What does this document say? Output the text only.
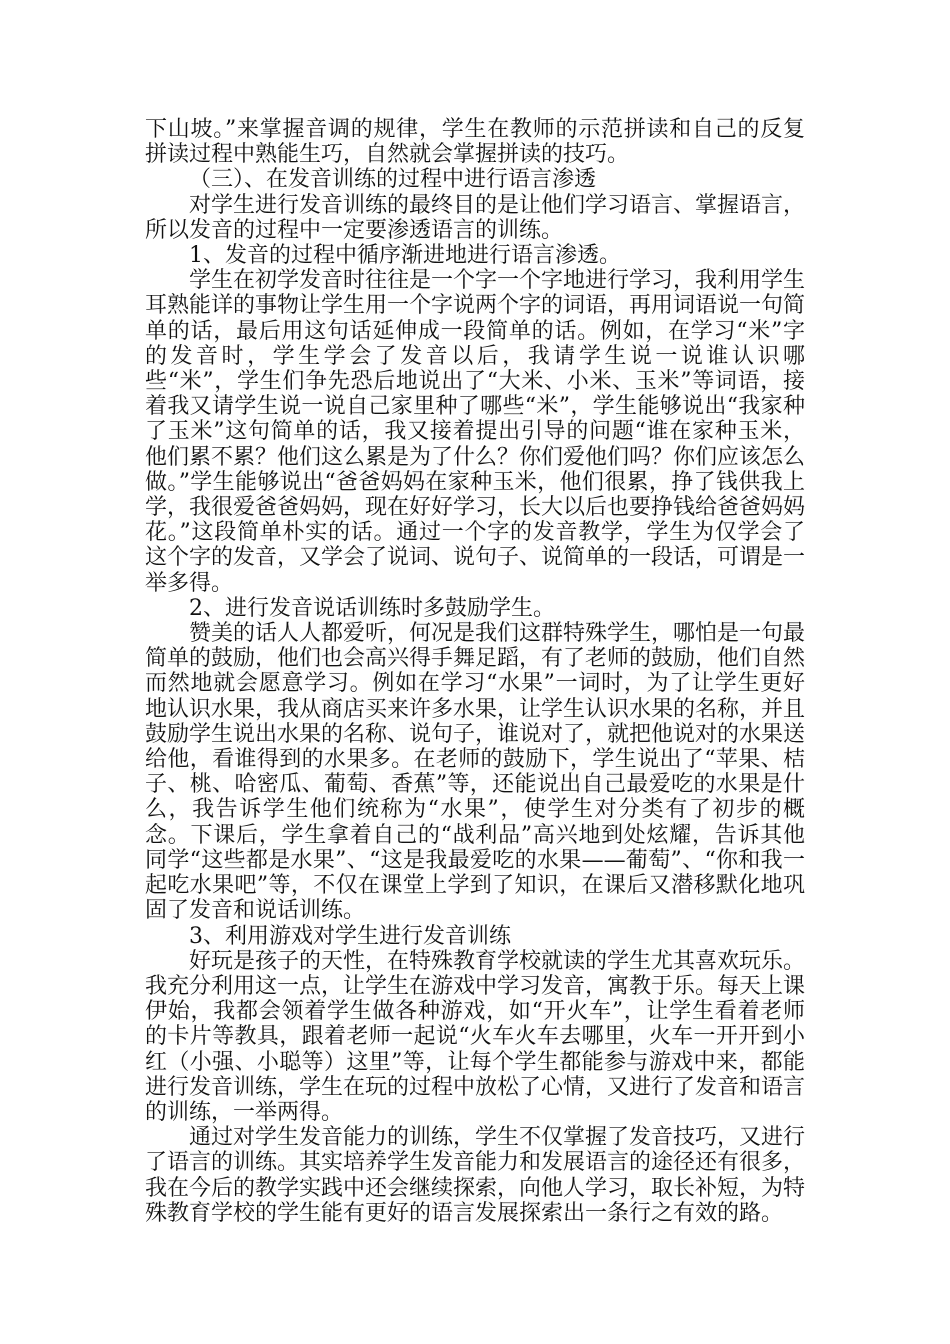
下山坡。”来掌握音调的规律，学生在教师的示范拼读和自己的反复拼读过程中熟能生巧，自然就会掌握拼读的技巧。

（三）、在发音训练的过程中进行语言渗透

对学生进行发音训练的最终目的是让他们学习语言、掌握语言，所以发音的过程中一定要渗透语言的训练。

1、发音的过程中循序渐进地进行语言渗透。

学生在初学发音时往往是一个字一个字地进行学习，我利用学生耳熟能详的事物让学生用一个字说两个字的词语，再用词语说一句简单的话，最后用这句话延伸成一段简单的话。例如，在学习“米”字的发音时，学生学会了发音以后，我请学生说一说谁认识哪些“米”，学生们争先恐后地说出了“大米、小米、玉米”等词语，接着我又请学生说一说自己家里种了哪些“米”，学生能够说出“我家种了玉米”这句简单的话，我又接着提出引导的问题“谁在家种玉米，他们累不累？他们这么累是为了什么？你们爱他们吗？你们应该怎么做。”学生能够说出“爸爸妈妈在家种玉米，他们很累，挣了钱供我上学，我很爱爸爸妈妈，现在好好学习，长大以后也要挣钱给爸爸妈妈花。”这段简单朴实的话。通过一个字的发音教学，学生为仅学会了这个字的发音，又学会了说词、说句子、说简单的一段话，可谓是一举多得。

2、进行发音说话训练时多鼓励学生。

赞美的话人人都爱听，何况是我们这群特殊学生，哪怕是一句最简单的鼓励，他们也会高兴得手舞足蹈，有了老师的鼓励，他们自然而然地就会愿意学习。例如在学习“水果”一词时，为了让学生更好地认识水果，我从商店买来许多水果，让学生认识水果的名称，并且鼓励学生说出水果的名称、说句子，谁说对了，就把他说对的水果送给他，看谁得到的水果多。在老师的鼓励下，学生说出了“苹果、桔子、桃、哈密瓜、葡萄、香蕉”等，还能说出自己最爱吃的水果是什么，我告诉学生他们统称为“水果”，使学生对分类有了初步的概念。下课后，学生拿着自己的“战利品”高兴地到处炫耀，告诉其他同学“这些都是水果”、“这是我最爱吃的水果——葡萄”、“你和我一起吃水果吧”等，不仅在课堂上学到了知识，在课后又潜移默化地巩固了发音和说话训练。

3、利用游戏对学生进行发音训练

好玩是孩子的天性，在特殊教育学校就读的学生尤其喜欢玩乐。我充分利用这一点，让学生在游戏中学习发音，寓教于乐。每天上课伊始，我都会领着学生做各种游戏，如“开火车”，让学生看着老师的卡片等教具，跟着老师一起说“火车火车去哪里，火车一开开到小红（小强、小聪等）这里”等，让每个学生都能参与游戏中来，都能进行发音训练，学生在玩的过程中放松了心情，又进行了发音和语言的训练，一举两得。

通过对学生发音能力的训练，学生不仅掌握了发音技巧，又进行了语言的训练。其实培养学生发音能力和发展语言的途径还有很多，我在今后的教学实践中还会继续探索，向他人学习，取长补短，为特殊教育学校的学生能有更好的语言发展探索出一条行之有效的路。
